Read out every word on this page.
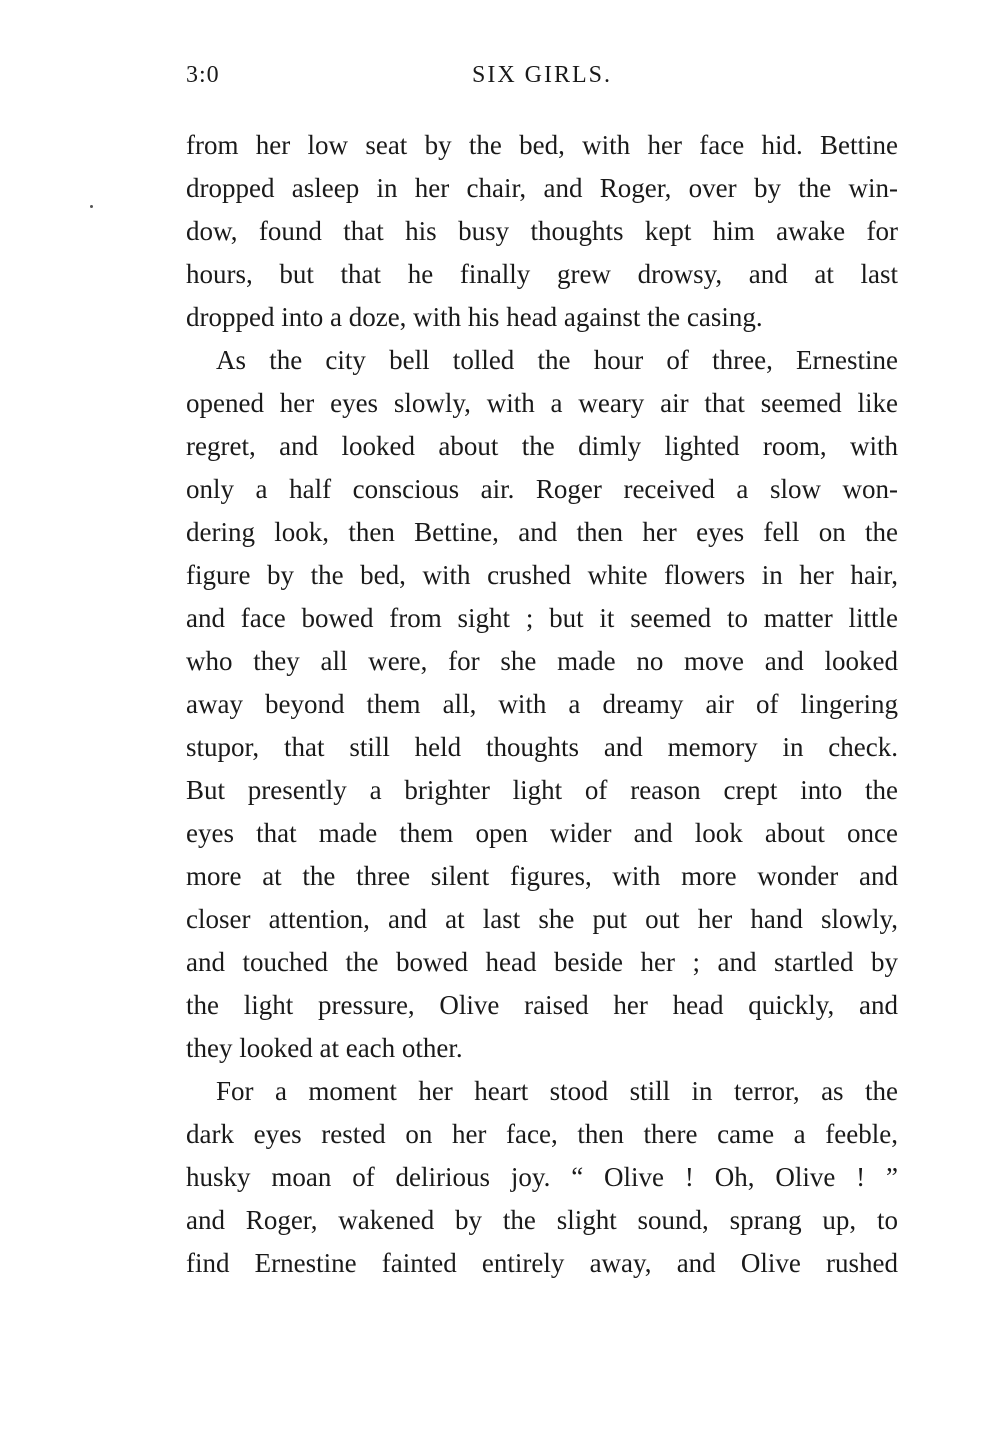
3:0	SIX GIRLS.
from her low seat by the bed, with her face hid. Bettine
dropped asleep in her chair, and Roger, over by the win-
dow, found that his busy thoughts kept him awake for
hours, but that he finally grew drowsy, and at last
dropped into a doze, with his head against the casing.
As the city bell tolled the hour of three, Ernestine
opened her eyes slowly, with a weary air that seemed like
regret, and looked about the dimly lighted room, with
only a half conscious air. Roger received a slow won-
dering look, then Bettine, and then her eyes fell on the
figure by the bed, with crushed white flowers in her hair,
and face bowed from sight ; but it seemed to matter little
who they all were, for she made no move and looked
away beyond them all, with a dreamy air of lingering
stupor, that still held thoughts and memory in check.
But presently a brighter light of reason crept into the
eyes that made them open wider and look about once
more at the three silent figures, with more wonder and
closer attention, and at last she put out her hand slowly,
and touched the bowed head beside her ; and startled by
the light pressure, Olive raised her head quickly, and
they looked at each other.
For a moment her heart stood still in terror, as the
dark eyes rested on her face, then there came a feeble,
husky moan of delirious joy. “ Olive ! Oh, Olive ! ”
and Roger, wakened by the slight sound, sprang up, to
find Ernestine fainted entirely away, and Olive rushed
